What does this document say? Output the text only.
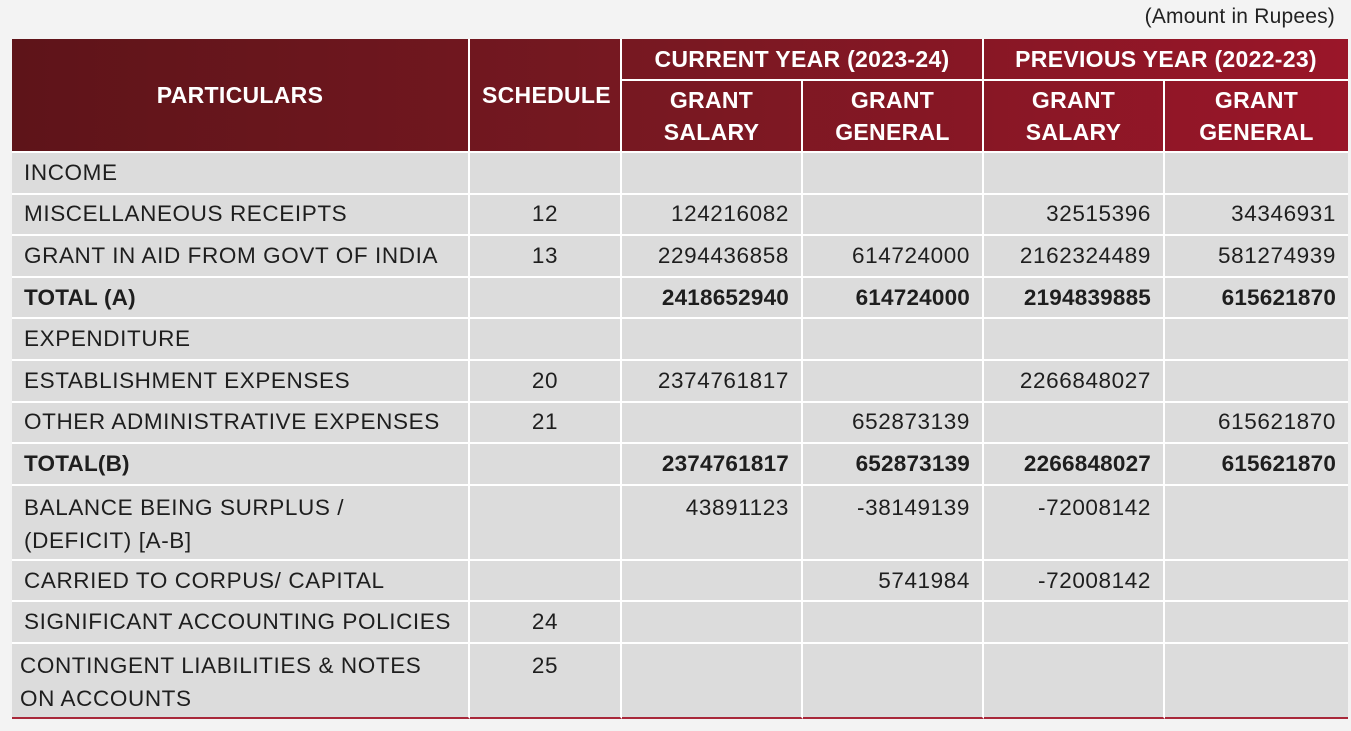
(Amount in Rupees)
PARTICULARS	SCHEDULE	CURRENT YEAR (2023-24)		PREVIOUS YEAR (2022-23)	
		GRANT SALARY	GRANT GENERAL	GRANT SALARY	GRANT GENERAL
INCOME					
MISCELLANEOUS RECEIPTS	12	124216082		32515396	34346931
GRANT IN AID FROM GOVT OF INDIA	13	2294436858	614724000	2162324489	581274939
TOTAL (A)		2418652940	614724000	2194839885	615621870
EXPENDITURE					
ESTABLISHMENT EXPENSES	20	2374761817		2266848027	
OTHER ADMINISTRATIVE EXPENSES	21		652873139		615621870
TOTAL(B)		2374761817	652873139	2266848027	615621870
BALANCE BEING SURPLUS / (DEFICIT) [A-B]		43891123	-38149139	-72008142	
CARRIED TO CORPUS/ CAPITAL			5741984	-72008142	
SIGNIFICANT ACCOUNTING POLICIES	24				
CONTINGENT LIABILITIES & NOTES ON ACCOUNTS	25				
